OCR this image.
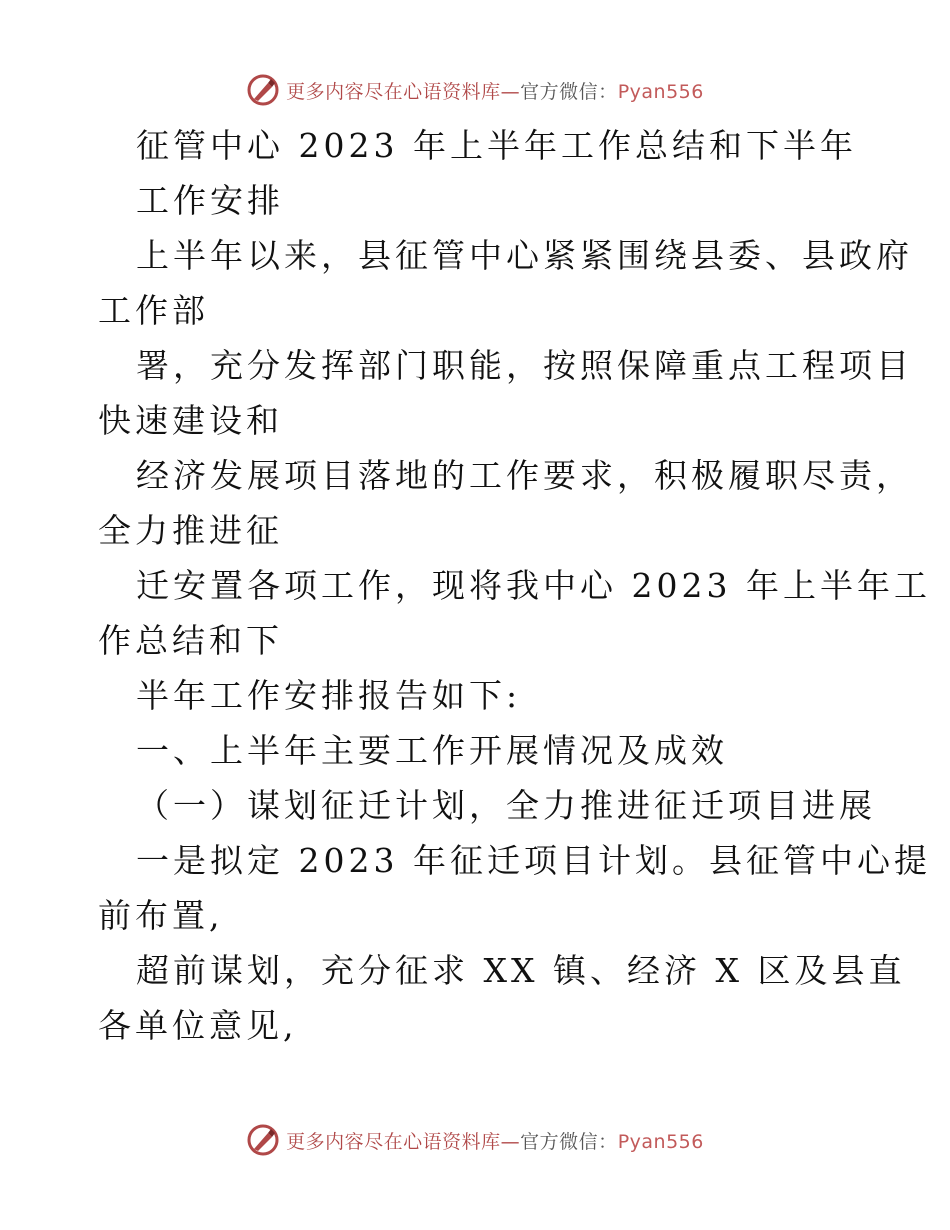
更多内容尽在心语资料库—官方微信：Pyan556
征管中心 2023 年上半年工作总结和下半年
工作安排
上半年以来，县征管中心紧紧围绕县委、县政府
工作部
署，充分发挥部门职能，按照保障重点工程项目
快速建设和
经济发展项目落地的工作要求，积极履职尽责，
全力推进征
迁安置各项工作，现将我中心 2023 年上半年工
作总结和下
半年工作安排报告如下:
一、上半年主要工作开展情况及成效
（一）谋划征迁计划，全力推进征迁项目进展
一是拟定 2023 年征迁项目计划。县征管中心提
前布置,
超前谋划，充分征求 XX 镇、经济 X 区及县直
各单位意见,
更多内容尽在心语资料库—官方微信：Pyan556
